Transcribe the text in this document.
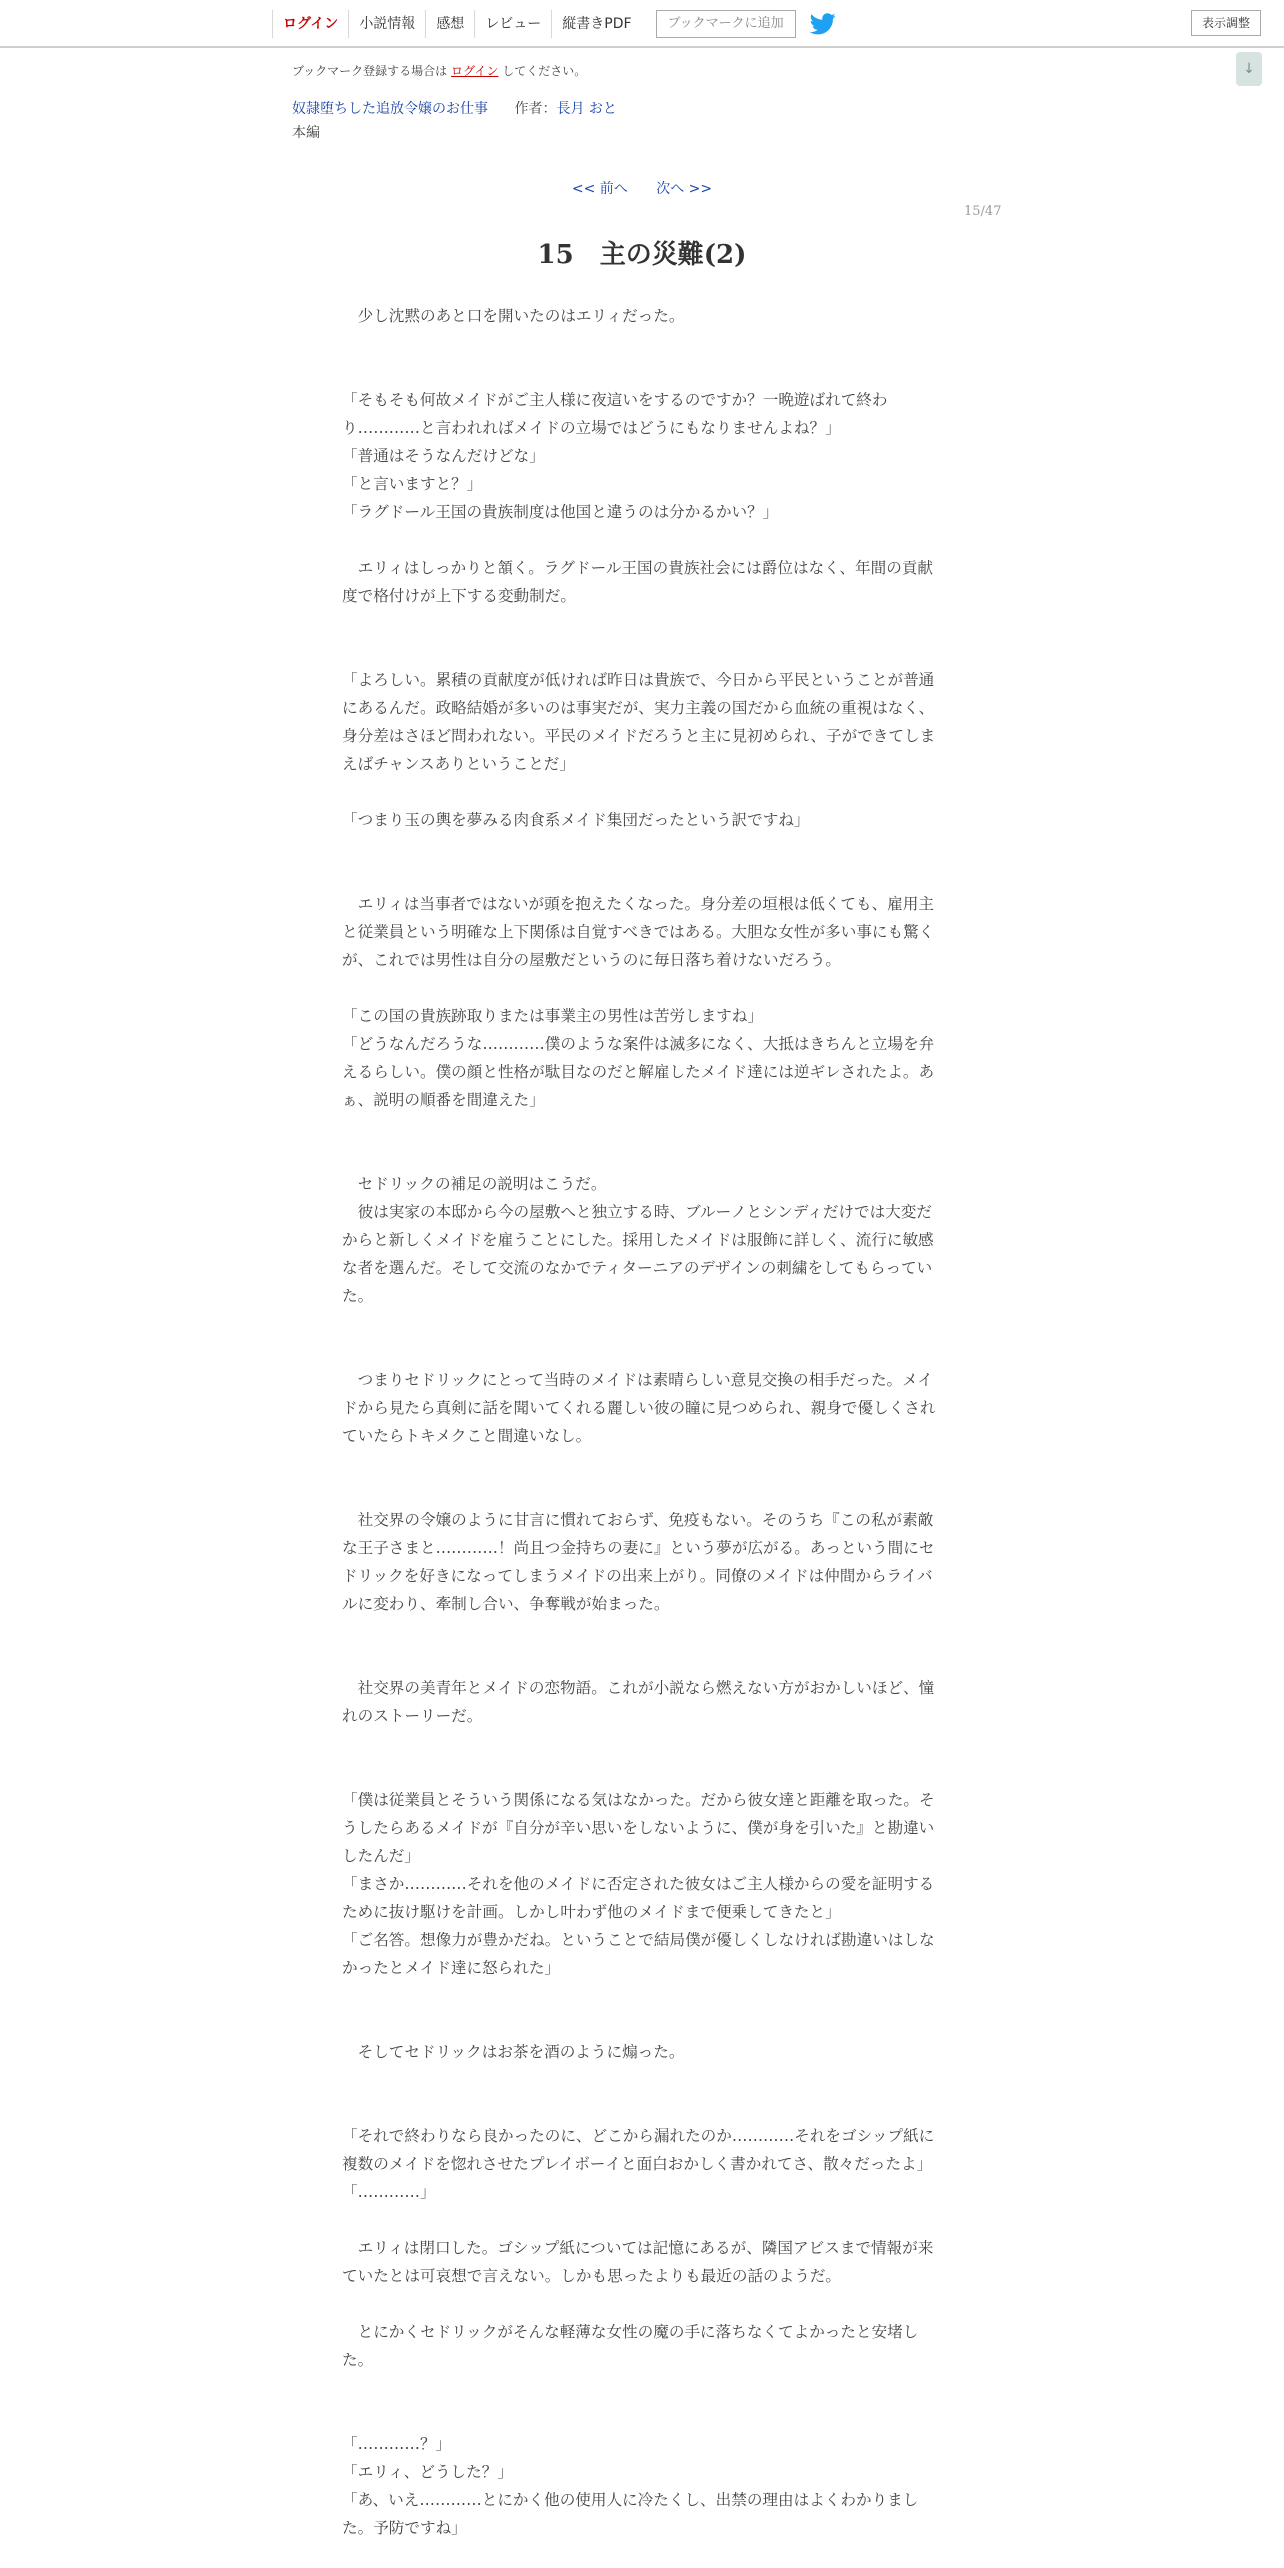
ログイン	小説情報	感想	レビュー	縦書きPDF	ブックマークに追加	表示調整
↓
ブックマーク登録する場合は ログイン してください。
奴隷堕ちした追放令嬢のお仕事 作者：長月 おと
本編
<< 前へ 次へ >>
15/47
15　主の災難(2)

　少し沈黙のあと口を開いたのはエリィだった。

「そもそも何故メイドがご主人様に夜這いをするのですか？一晩遊ばれて終わり…………と言われればメイドの立場ではどうにもなりませんよね？」

「普通はそうなんだけどな」

「と言いますと？」

「ラグドール王国の貴族制度は他国と違うのは分かるかい？」

　エリィはしっかりと頷く。ラグドール王国の貴族社会には爵位はなく、年間の貢献度で格付けが上下する変動制だ。

「よろしい。累積の貢献度が低ければ昨日は貴族で、今日から平民ということが普通にあるんだ。政略結婚が多いのは事実だが、実力主義の国だから血統の重視はなく、身分差はさほど問われない。平民のメイドだろうと主に見初められ、子ができてしまえばチャンスありということだ」

「つまり玉の輿を夢みる肉食系メイド集団だったという訳ですね」

　エリィは当事者ではないが頭を抱えたくなった。身分差の垣根は低くても、雇用主と従業員という明確な上下関係は自覚すべきではある。大胆な女性が多い事にも驚くが、これでは男性は自分の屋敷だというのに毎日落ち着けないだろう。

「この国の貴族跡取りまたは事業主の男性は苦労しますね」

「どうなんだろうな…………僕のような案件は滅多になく、大抵はきちんと立場を弁えるらしい。僕の顔と性格が駄目なのだと解雇したメイド達には逆ギレされたよ。あぁ、説明の順番を間違えた」

　セドリックの補足の説明はこうだ。

　彼は実家の本邸から今の屋敷へと独立する時、ブルーノとシンディだけでは大変だからと新しくメイドを雇うことにした。採用したメイドは服飾に詳しく、流行に敏感な者を選んだ。そして交流のなかでティターニアのデザインの刺繍をしてもらっていた。

　つまりセドリックにとって当時のメイドは素晴らしい意見交換の相手だった。メイドから見たら真剣に話を聞いてくれる麗しい彼の瞳に見つめられ、親身で優しくされていたらトキメクこと間違いなし。

　社交界の令嬢のように甘言に慣れておらず、免疫もない。そのうち『この私が素敵な王子さまと…………！尚且つ金持ちの妻に』という夢が広がる。あっという間にセドリックを好きになってしまうメイドの出来上がり。同僚のメイドは仲間からライバルに変わり、牽制し合い、争奪戦が始まった。

　社交界の美青年とメイドの恋物語。これが小説なら燃えない方がおかしいほど、憧れのストーリーだ。

「僕は従業員とそういう関係になる気はなかった。だから彼女達と距離を取った。そうしたらあるメイドが『自分が辛い思いをしないように、僕が身を引いた』と勘違いしたんだ」

「まさか…………それを他のメイドに否定された彼女はご主人様からの愛を証明するために抜け駆けを計画。しかし叶わず他のメイドまで便乗してきたと」

「ご名答。想像力が豊かだね。ということで結局僕が優しくしなければ勘違いはしなかったとメイド達に怒られた」

　そしてセドリックはお茶を酒のように煽った。

「それで終わりなら良かったのに、どこから漏れたのか…………それをゴシップ紙に複数のメイドを惚れさせたプレイボーイと面白おかしく書かれてさ、散々だったよ」

「…………」

　エリィは閉口した。ゴシップ紙については記憶にあるが、隣国アビスまで情報が来ていたとは可哀想で言えない。しかも思ったよりも最近の話のようだ。

　とにかくセドリックがそんな軽薄な女性の魔の手に落ちなくてよかったと安堵した。

「…………？」

「エリィ、どうした？」

「あ、いえ…………とにかく他の使用人に冷たくし、出禁の理由はよくわかりました。予防ですね」
